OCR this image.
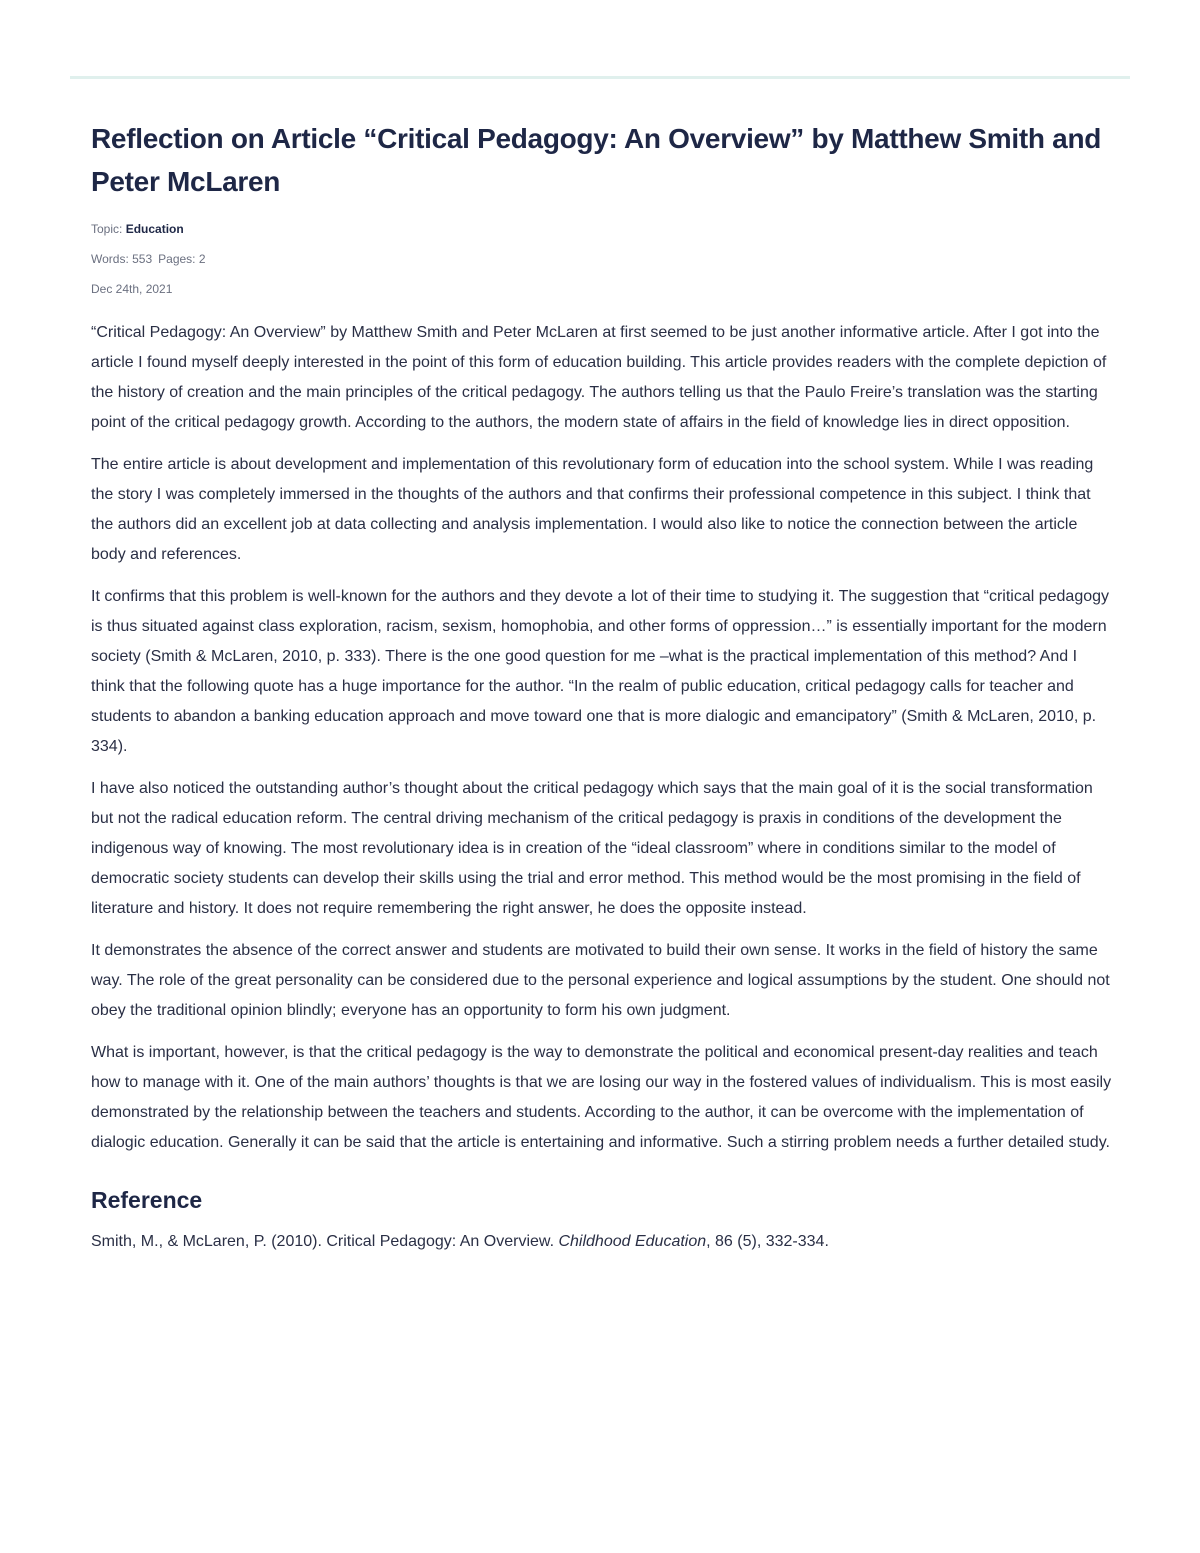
Reflection on Article “Critical Pedagogy: An Overview” by Matthew Smith and Peter McLaren

Topic: Education

Words: 553 Pages: 2

Dec 24th, 2021

“Critical Pedagogy: An Overview” by Matthew Smith and Peter McLaren at first seemed to be just another informative article. After I got into the article I found myself deeply interested in the point of this form of education building. This article provides readers with the complete depiction of the history of creation and the main principles of the critical pedagogy. The authors telling us that the Paulo Freire’s translation was the starting point of the critical pedagogy growth. According to the authors, the modern state of affairs in the field of knowledge lies in direct opposition.

The entire article is about development and implementation of this revolutionary form of education into the school system. While I was reading the story I was completely immersed in the thoughts of the authors and that confirms their professional competence in this subject. I think that the authors did an excellent job at data collecting and analysis implementation. I would also like to notice the connection between the article body and references.

It confirms that this problem is well-known for the authors and they devote a lot of their time to studying it. The suggestion that “critical pedagogy is thus situated against class exploration, racism, sexism, homophobia, and other forms of oppression…” is essentially important for the modern society (Smith & McLaren, 2010, p. 333). There is the one good question for me –what is the practical implementation of this method? And I think that the following quote has a huge importance for the author. “In the realm of public education, critical pedagogy calls for teacher and students to abandon a banking education approach and move toward one that is more dialogic and emancipatory” (Smith & McLaren, 2010, p. 334).

I have also noticed the outstanding author’s thought about the critical pedagogy which says that the main goal of it is the social transformation but not the radical education reform. The central driving mechanism of the critical pedagogy is praxis in conditions of the development the indigenous way of knowing. The most revolutionary idea is in creation of the “ideal classroom” where in conditions similar to the model of democratic society students can develop their skills using the trial and error method. This method would be the most promising in the field of literature and history. It does not require remembering the right answer, he does the opposite instead.

It demonstrates the absence of the correct answer and students are motivated to build their own sense. It works in the field of history the same way. The role of the great personality can be considered due to the personal experience and logical assumptions by the student. One should not obey the traditional opinion blindly; everyone has an opportunity to form his own judgment.

What is important, however, is that the critical pedagogy is the way to demonstrate the political and economical present-day realities and teach how to manage with it. One of the main authors’ thoughts is that we are losing our way in the fostered values of individualism. This is most easily demonstrated by the relationship between the teachers and students. According to the author, it can be overcome with the implementation of dialogic education. Generally it can be said that the article is entertaining and informative. Such a stirring problem needs a further detailed study.

Reference

Smith, M., & McLaren, P. (2010). Critical Pedagogy: An Overview. Childhood Education, 86 (5), 332-334.
